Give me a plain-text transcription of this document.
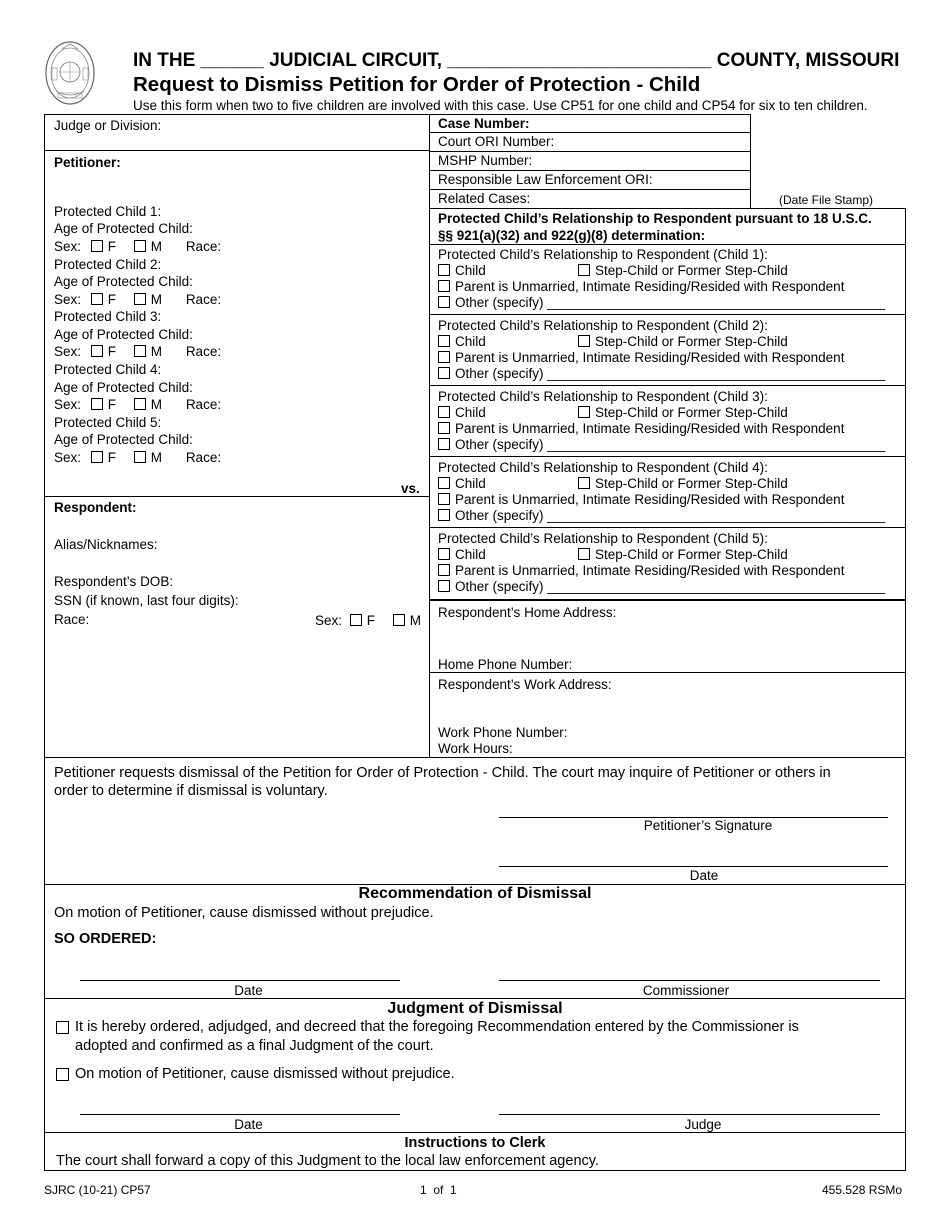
IN THE ______ JUDICIAL CIRCUIT, _________________________ COUNTY, MISSOURI
Request to Dismiss Petition for Order of Protection - Child
Use this form when two to five children are involved with this case. Use CP51 for one child and CP54 for six to ten children.
Judge or Division:
Petitioner:
Protected Child 1:
Age of Protected Child:
Sex: F	M Race:
Protected Child 2:
Age of Protected Child:
Sex: F	M Race:
Protected Child 3:
Age of Protected Child:
Sex: F	M Race:
Protected Child 4:
Age of Protected Child:
Sex: F	M Race:
Protected Child 5:
Age of Protected Child:
Sex: F	M Race:
vs.
Respondent:
Alias/Nicknames:
Respondent’s DOB:
SSN (if known, last four digits):
Race:	Sex: F	M
Case Number:
Court ORI Number:
MSHP Number:
Responsible Law Enforcement ORI:
Related Cases:	(Date File Stamp)
Protected Child’s Relationship to Respondent pursuant to 18 U.S.C.
§§ 921(a)(32) and 922(g)(8) determination:
Protected Child’s Relationship to Respondent (Child 1):
Child	Step-Child or Former Step-Child
Parent is Unmarried, Intimate Residing/Resided with Respondent
Other (specify) _____________________________________________
Protected Child’s Relationship to Respondent (Child 2):
Child	Step-Child or Former Step-Child
Parent is Unmarried, Intimate Residing/Resided with Respondent
Other (specify) _____________________________________________
Protected Child’s Relationship to Respondent (Child 3):
Child	Step-Child or Former Step-Child
Parent is Unmarried, Intimate Residing/Resided with Respondent
Other (specify) _____________________________________________
Protected Child’s Relationship to Respondent (Child 4):
Child	Step-Child or Former Step-Child
Parent is Unmarried, Intimate Residing/Resided with Respondent
Other (specify) _____________________________________________
Protected Child’s Relationship to Respondent (Child 5):
Child	Step-Child or Former Step-Child
Parent is Unmarried, Intimate Residing/Resided with Respondent
Other (specify) _____________________________________________
Respondent’s Home Address:
Home Phone Number:
Respondent’s Work Address:
Work Phone Number:
Work Hours:
Petitioner requests dismissal of the Petition for Order of Protection - Child. The court may inquire of Petitioner or others in
order to determine if dismissal is voluntary.
Petitioner’s Signature
Date
Recommendation of Dismissal
On motion of Petitioner, cause dismissed without prejudice.
SO ORDERED:
Date	Commissioner
Judgment of Dismissal
It is hereby ordered, adjudged, and decreed that the foregoing Recommendation entered by the Commissioner is
adopted and confirmed as a final Judgment of the court.
On motion of Petitioner, cause dismissed without prejudice.
Date	Judge
Instructions to Clerk
The court shall forward a copy of this Judgment to the local law enforcement agency.
SJRC (10-21) CP57	1  of  1	455.528 RSMo
